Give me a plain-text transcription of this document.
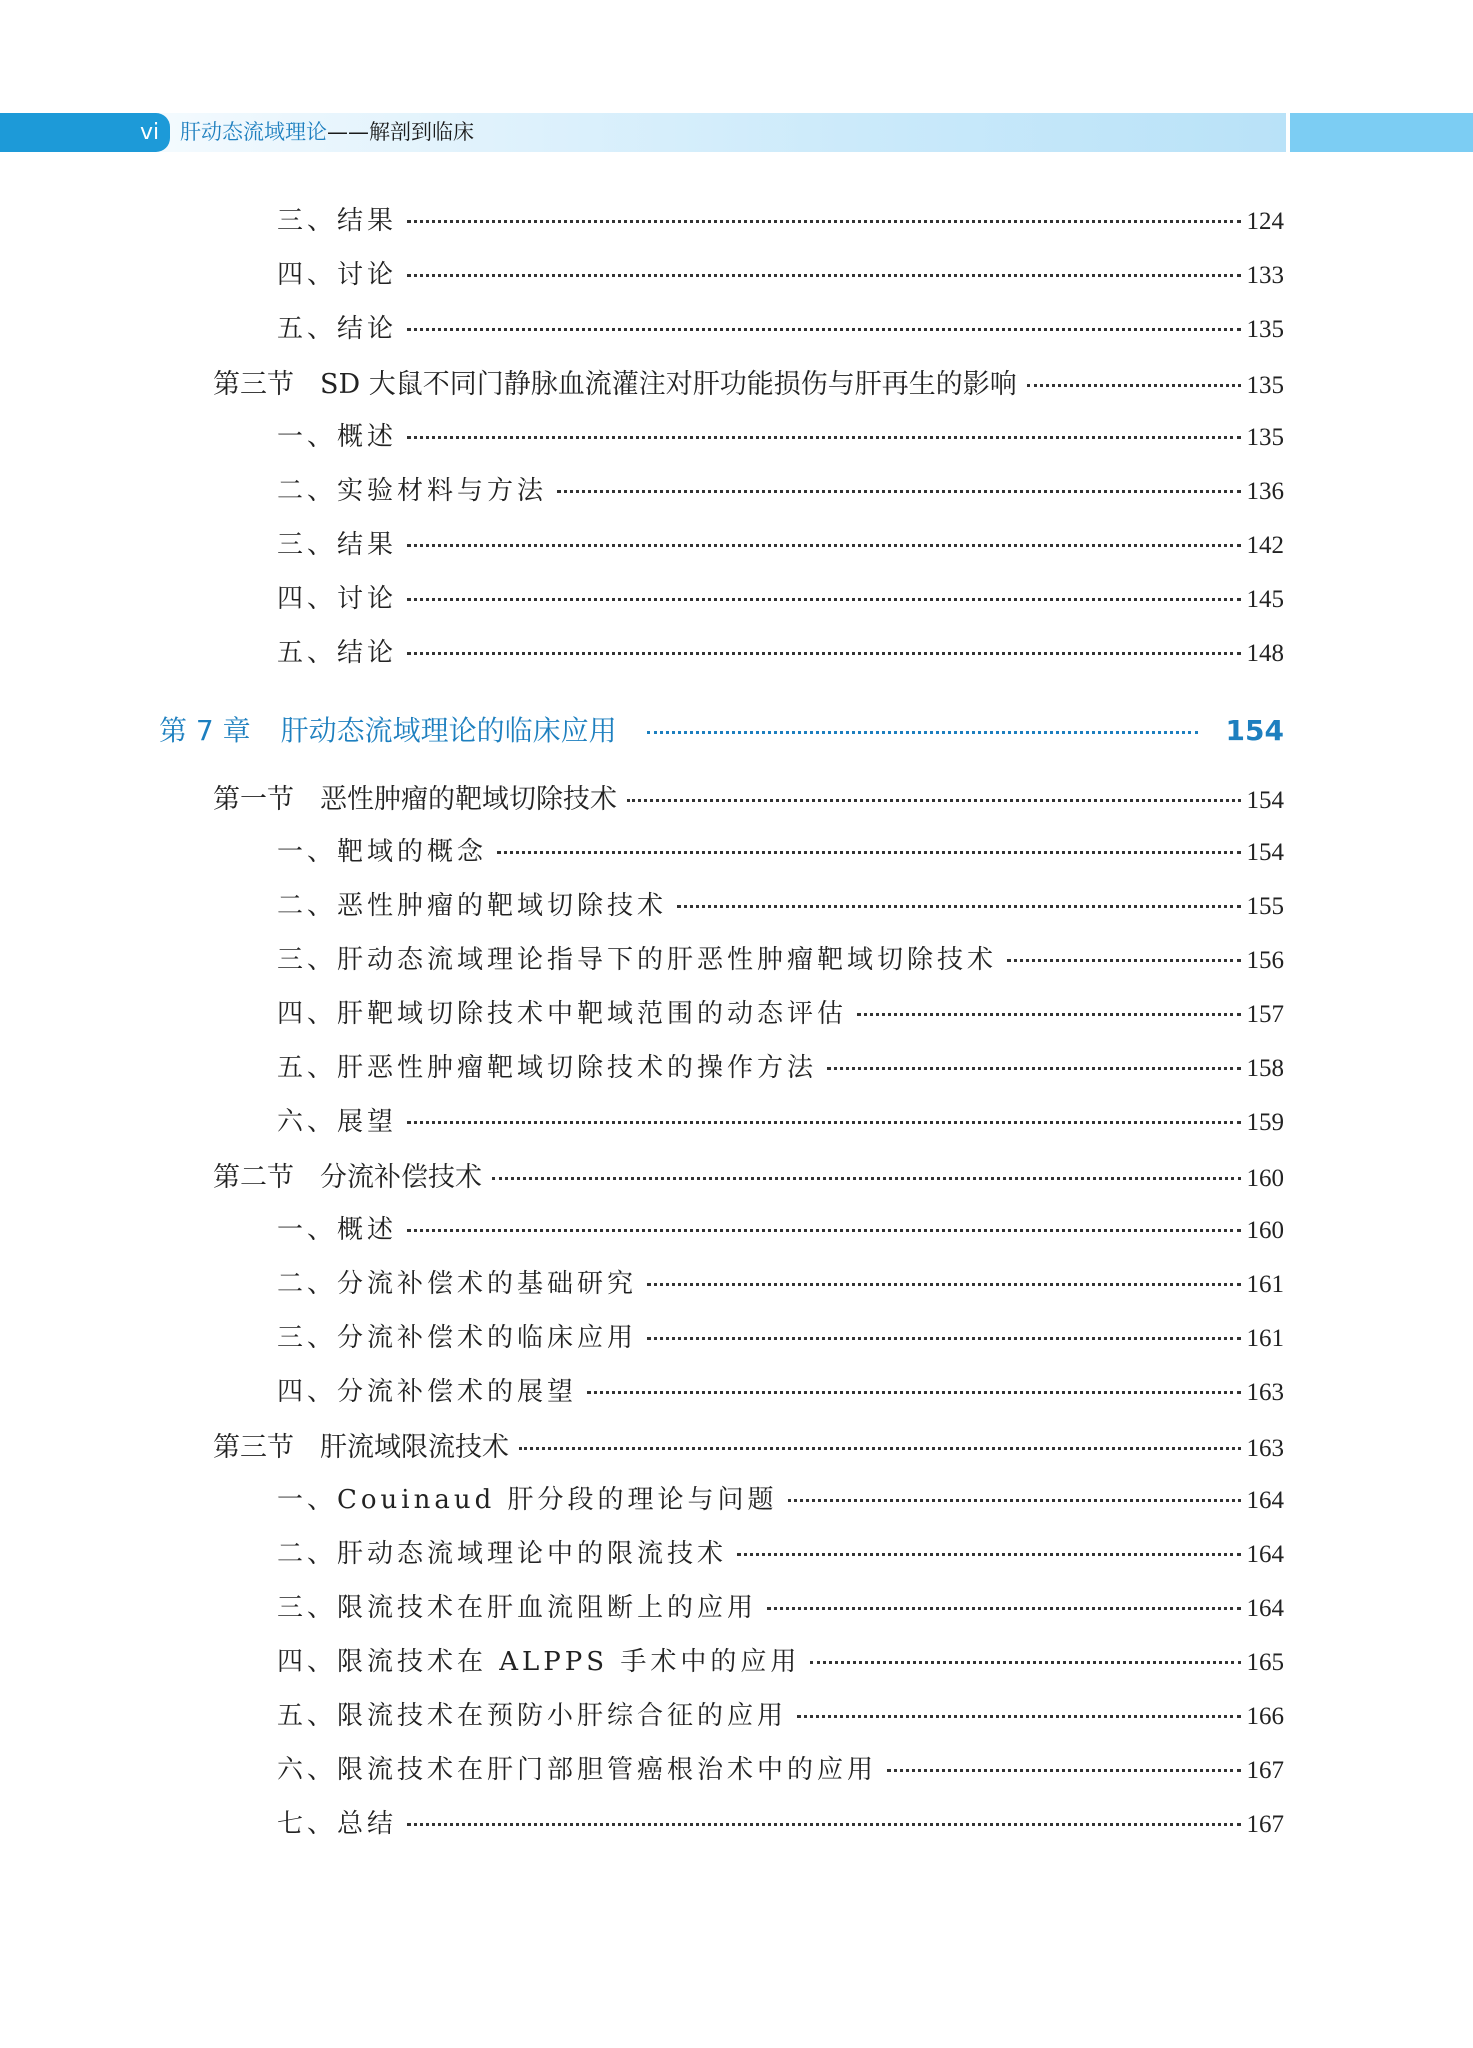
vi 肝动态流域理论——解剖到临床
三、结果	124
四、讨论	133
五、结论	135
第三节 SD 大鼠不同门静脉血流灌注对肝功能损伤与肝再生的影响	135
一、概述	135
二、实验材料与方法	136
三、结果	142
四、讨论	145
五、结论	148
第 7 章 肝动态流域理论的临床应用	154
第一节 恶性肿瘤的靶域切除技术	154
一、靶域的概念	154
二、恶性肿瘤的靶域切除技术	155
三、肝动态流域理论指导下的肝恶性肿瘤靶域切除技术	156
四、肝靶域切除技术中靶域范围的动态评估	157
五、肝恶性肿瘤靶域切除技术的操作方法	158
六、展望	159
第二节 分流补偿技术	160
一、概述	160
二、分流补偿术的基础研究	161
三、分流补偿术的临床应用	161
四、分流补偿术的展望	163
第三节 肝流域限流技术	163
一、Couinaud 肝分段的理论与问题	164
二、肝动态流域理论中的限流技术	164
三、限流技术在肝血流阻断上的应用	164
四、限流技术在 ALPPS 手术中的应用	165
五、限流技术在预防小肝综合征的应用	166
六、限流技术在肝门部胆管癌根治术中的应用	167
七、总结	167
